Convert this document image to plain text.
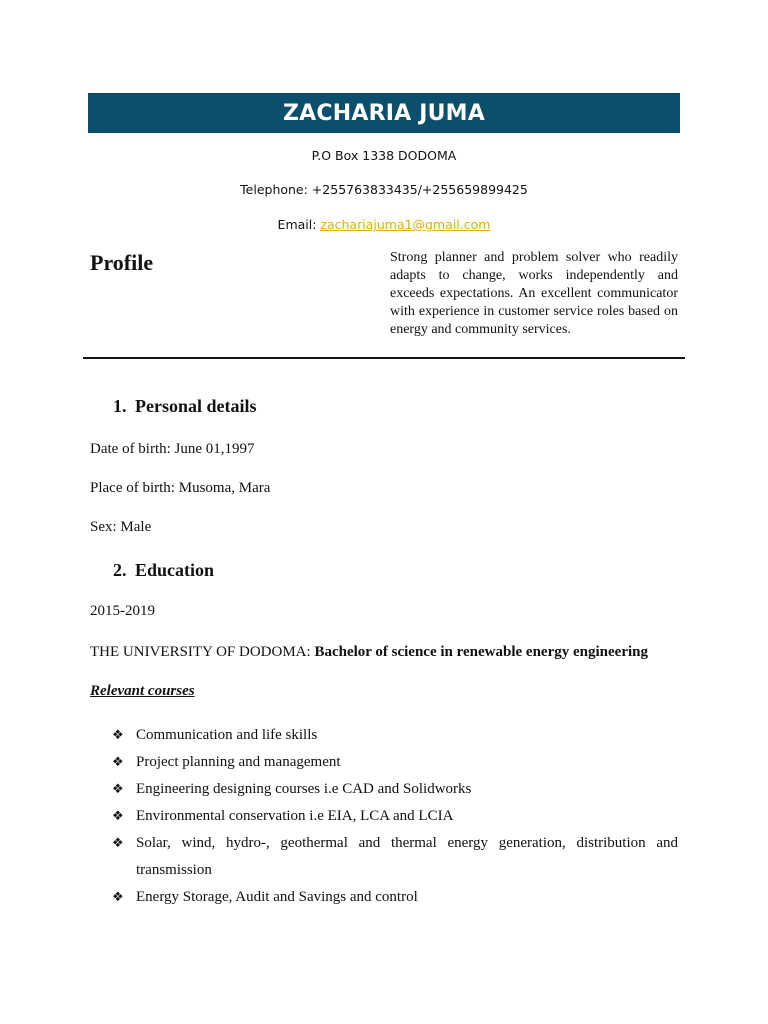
ZACHARIA JUMA
P.O Box 1338 DODOMA
Telephone: +255763833435/+255659899425
Email: zachariajuma1@gmail.com
Profile	Strong planner and problem solver who readily adapts to change, works independently and exceeds expectations. An excellent communicator with experience in customer service roles based on energy and community services.
1. Personal details
Date of birth: June 01,1997
Place of birth: Musoma, Mara
Sex: Male
2. Education
2015-2019
THE UNIVERSITY OF DODOMA: Bachelor of science in renewable energy engineering
Relevant courses
❖ Communication and life skills
❖ Project planning and management
❖ Engineering designing courses i.e CAD and Solidworks
❖ Environmental conservation i.e EIA, LCA and LCIA
❖ Solar, wind, hydro-, geothermal and thermal energy generation, distribution and transmission
❖ Energy Storage, Audit and Savings and control
